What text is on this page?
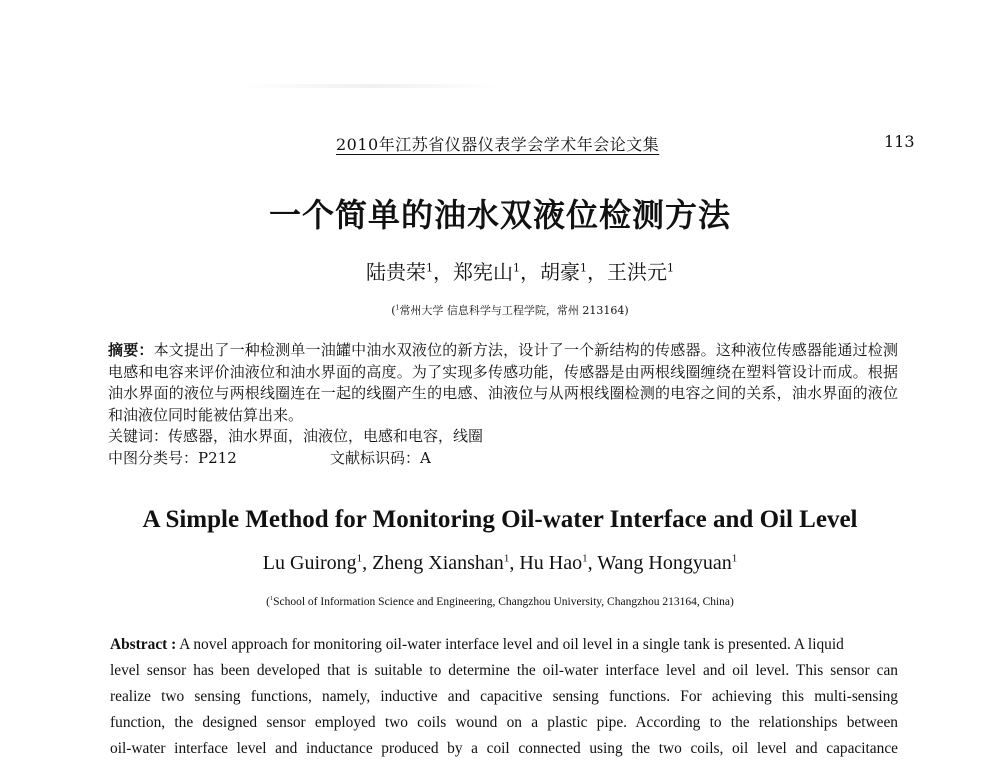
2010年江苏省仪器仪表学会学术年会论文集	113
一个简单的油水双液位检测方法
陆贵荣$^1$，郑宪山$^1$，胡豪$^1$，王洪元$^1$
($^1$常州大学 信息科学与工程学院，常州 213164)

摘要：本文提出了一种检测单一油罐中油水双液位的新方法，设计了一个新结构的传感器。这种液位传感器能通过检测电感和电容来评价油液位和油水界面的高度。为了实现多传感功能，传感器是由两根线圈缠绕在塑料管设计而成。根据油水界面的液位与两根线圈连在一起的线圈产生的电感、油液位与从两根线圈检测的电容之间的关系，油水界面的液位和油液位同时能被估算出来。

关键词：传感器，油水界面，油液位，电感和电容，线圈

中图分类号：P212	文献标识码：A

A Simple Method for Monitoring Oil-water Interface and Oil Level
Lu Guirong$^1$, Zheng Xianshan$^1$, Hu Hao$^1$, Wang Hongyuan$^1$
($^1$School of Information Science and Engineering, Changzhou University, Changzhou 213164, China)
Abstract : A novel approach for monitoring oil-water interface level and oil level in a single tank is presented. A liquid
level sensor has been developed that is suitable to determine the oil-water interface level and oil level. This sensor can
realize two sensing functions, namely, inductive and capacitive sensing functions. For achieving this multi-sensing
function, the designed sensor employed two coils wound on a plastic pipe. According to the relationships between
oil-water interface level and inductance produced by a coil connected using the two coils, oil level and capacitance
